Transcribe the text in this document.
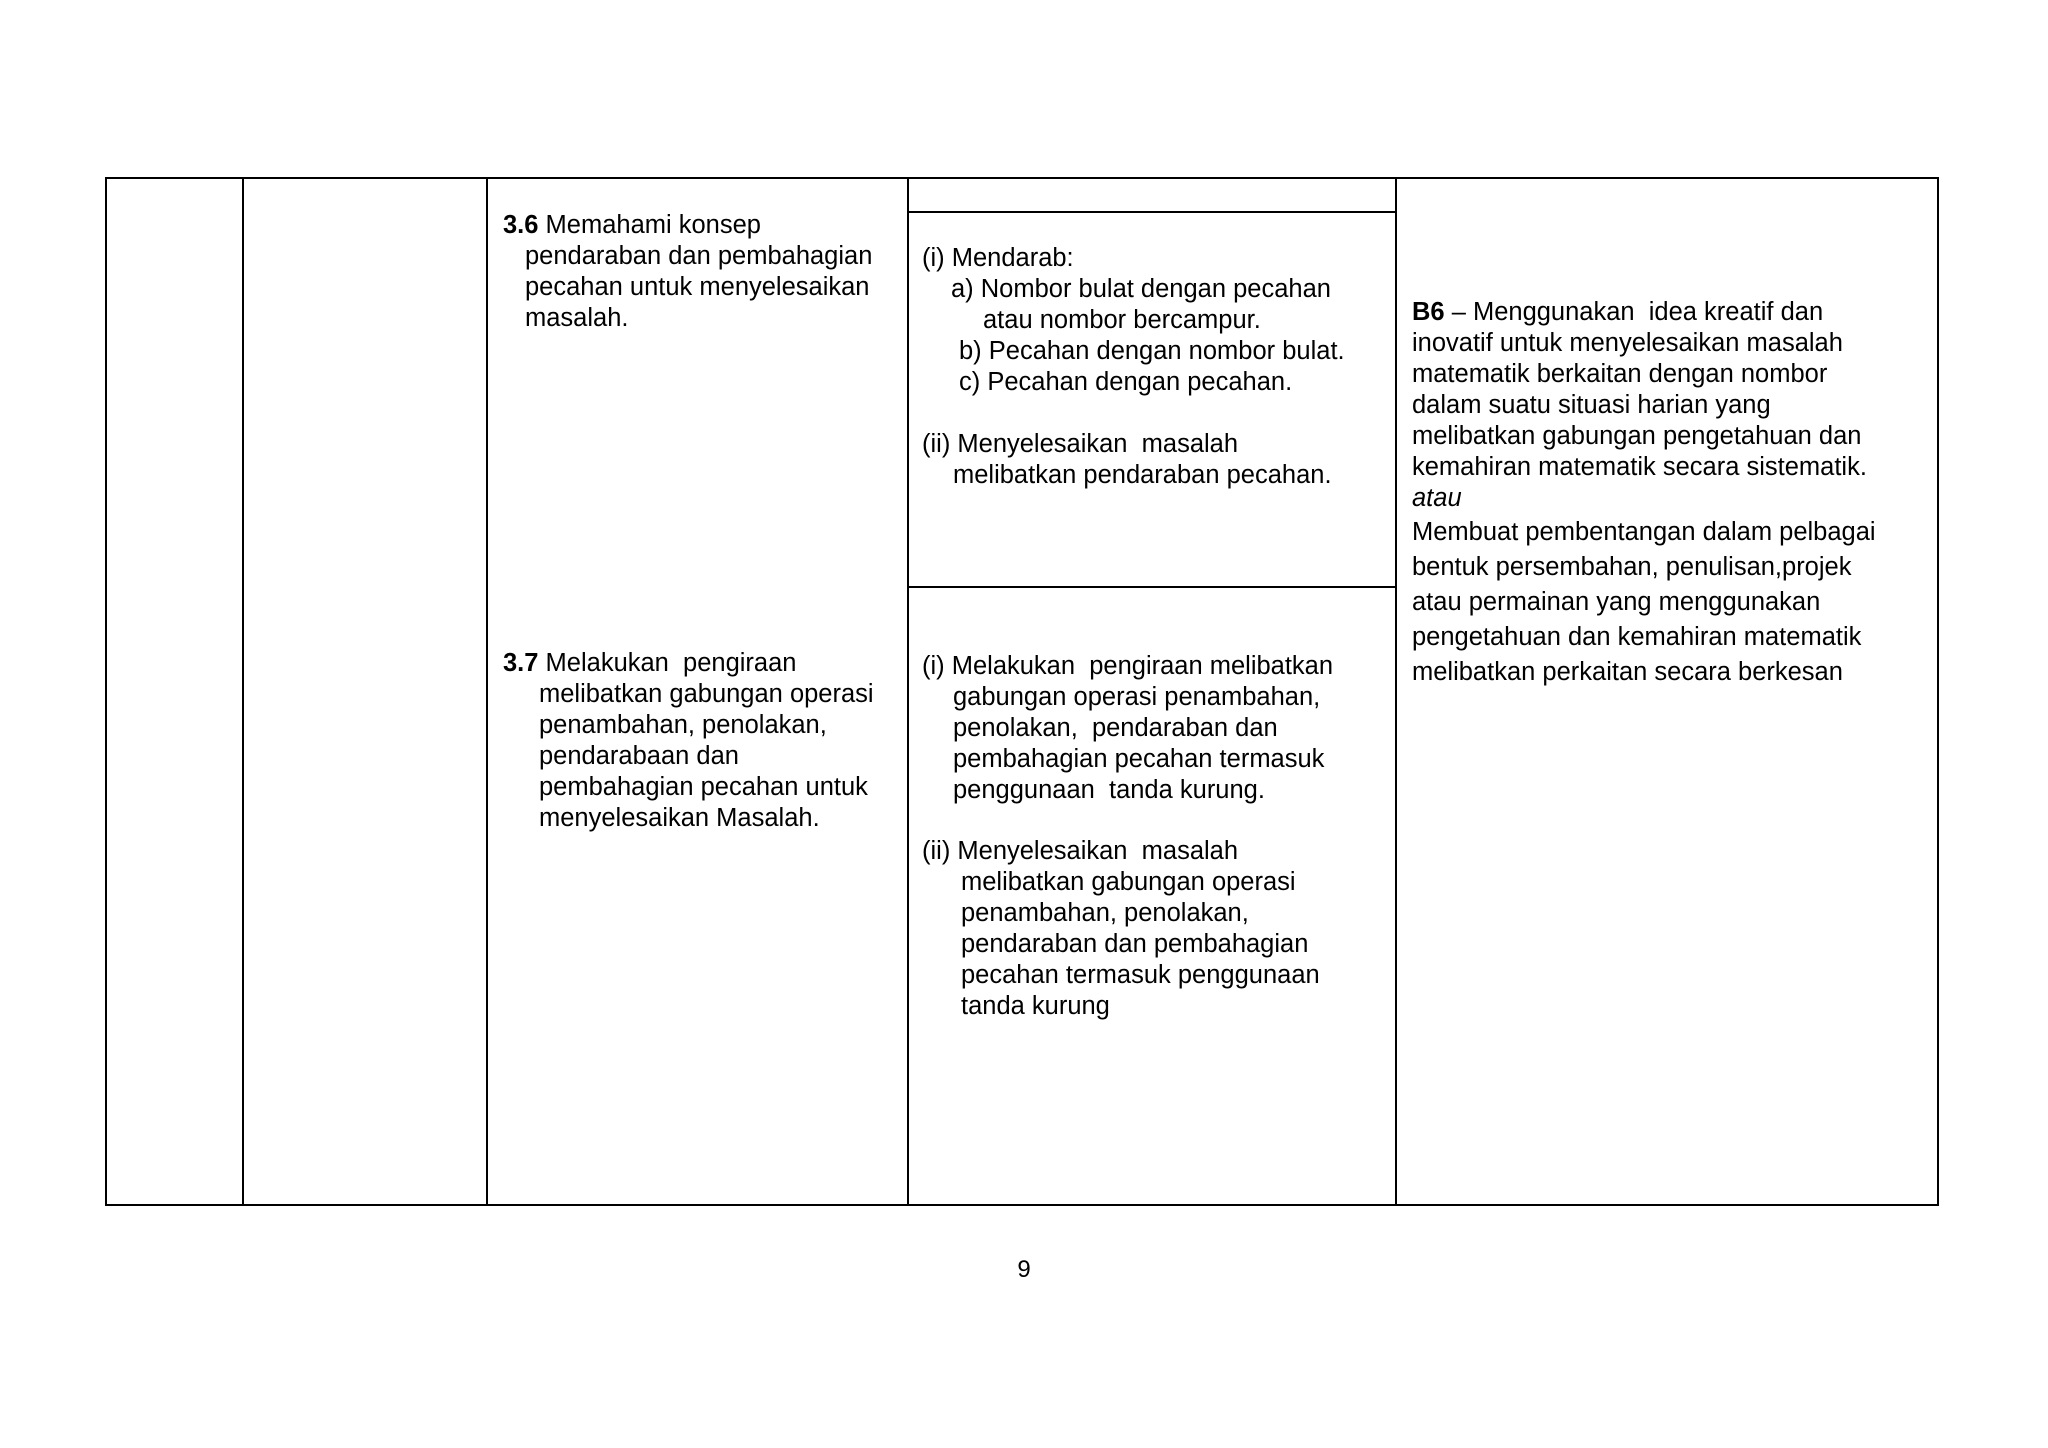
3.6 Memahami konsep
pendaraban dan pembahagian
pecahan untuk menyelesaikan
masalah.
3.7 Melakukan  pengiraan
melibatkan gabungan operasi
penambahan, penolakan,
pendarabaan dan
pembahagian pecahan untuk
menyelesaikan Masalah.
(i) Mendarab:
a) Nombor bulat dengan pecahan
atau nombor bercampur.
b) Pecahan dengan nombor bulat.
c) Pecahan dengan pecahan.
(ii) Menyelesaikan  masalah
melibatkan pendaraban pecahan.
(i) Melakukan  pengiraan melibatkan
gabungan operasi penambahan,
penolakan,  pendaraban dan
pembahagian pecahan termasuk
penggunaan  tanda kurung.
(ii) Menyelesaikan  masalah
melibatkan gabungan operasi
penambahan, penolakan,
pendaraban dan pembahagian
pecahan termasuk penggunaan
tanda kurung
B6 – Menggunakan  idea kreatif dan
inovatif untuk menyelesaikan masalah
matematik berkaitan dengan nombor
dalam suatu situasi harian yang
melibatkan gabungan pengetahuan dan
kemahiran matematik secara sistematik.
atau
Membuat pembentangan dalam pelbagai
bentuk persembahan, penulisan,projek
atau permainan yang menggunakan
pengetahuan dan kemahiran matematik
melibatkan perkaitan secara berkesan
9
